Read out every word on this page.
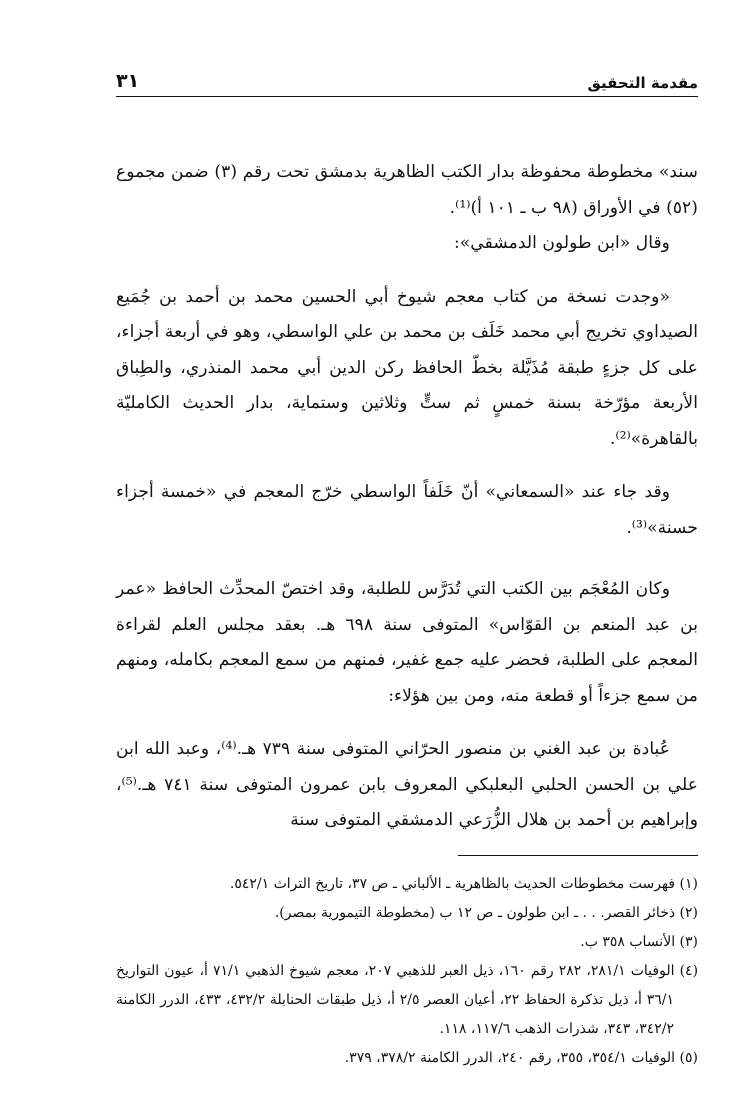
مقدمة التحقيق
٣١

سند» مخطوطة محفوظة بدار الكتب الظاهرية بدمشق تحت رقم (٣) ضمن مجموع (٥٢) في الأوراق (٩٨ ب ـ ١٠١ أ)⁽¹⁾.

وقال «ابن طولون الدمشقي»:

«وجدت نسخة من كتاب معجم شيوخ أبي الحسين محمد بن أحمد بن جُمَيع الصيداوي تخريج أبي محمد خَلَف بن محمد بن علي الواسطي، وهو في أربعة أجزاء، على كل جزءٍ طبقة مُذَيَّلة بخطّ الحافظ ركن الدين أبي محمد المنذري، والطِباق الأربعة مؤرّخة بسنة خمسٍ ثم ستٍّ وثلاثين وستماية، بدار الحديث الكامليّة بالقاهرة»⁽²⁾.

وقد جاء عند «السمعاني» أنّ خَلَفاً الواسطي خرّج المعجم في «خمسة أجزاء حسنة»⁽³⁾.

وكان المُعْجَم بين الكتب التي تُدَرَّس للطلبة، وقد اختصّ المحدِّث الحافظ «عمر بن عبد المنعم بن القوّاس» المتوفى سنة ٦٩٨ هـ. بعقد مجلس العلم لقراءة المعجم على الطلبة، فحضر عليه جمع غفير، فمنهم من سمع المعجم بكامله، ومنهم من سمع جزءاً أو قطعة منه، ومن بين هؤلاء:

عُبادة بن عبد الغني بن منصور الحرّاني المتوفى سنة ٧٣٩ هـ.⁽⁴⁾، وعبد الله ابن علي بن الحسن الحلبي البعلبكي المعروف بابن عمرون المتوفى سنة ٧٤١ هـ.⁽⁵⁾، وإبراهيم بن أحمد بن هلال الزُّرَعي الدمشقي المتوفى سنة

(١) فهرست مخطوطات الحديث بالظاهرية ـ الألباني ـ ص ٣٧، تاريخ التراث ٥٤٢/١.

(٢) ذخائر القصر. . . ـ ابن طولون ـ ص ١٢ ب (مخطوطة التيمورية بمصر).

(٣) الأنساب ٣٥٨ ب.

(٤) الوفيات ٢٨١/١، ٢٨٢ رقم ١٦٠، ذيل العبر للذهبي ٢٠٧، معجم شيوخ الذهبي ٧١/١ أ، عيون التواريخ ٣٦/١ أ، ذيل تذكرة الحفاظ ٢٢، أعيان العصر ٢/٥ أ، ذيل طبقات الحنابلة ٤٣٢/٢، ٤٣٣، الدرر الكامنة ٣٤٢/٢، ٣٤٣، شذرات الذهب ١١٧/٦، ١١٨.

(٥) الوفيات ٣٥٤/١، ٣٥٥، رقم ٢٤٠، الدرر الكامنة ٣٧٨/٢، ٣٧٩.
